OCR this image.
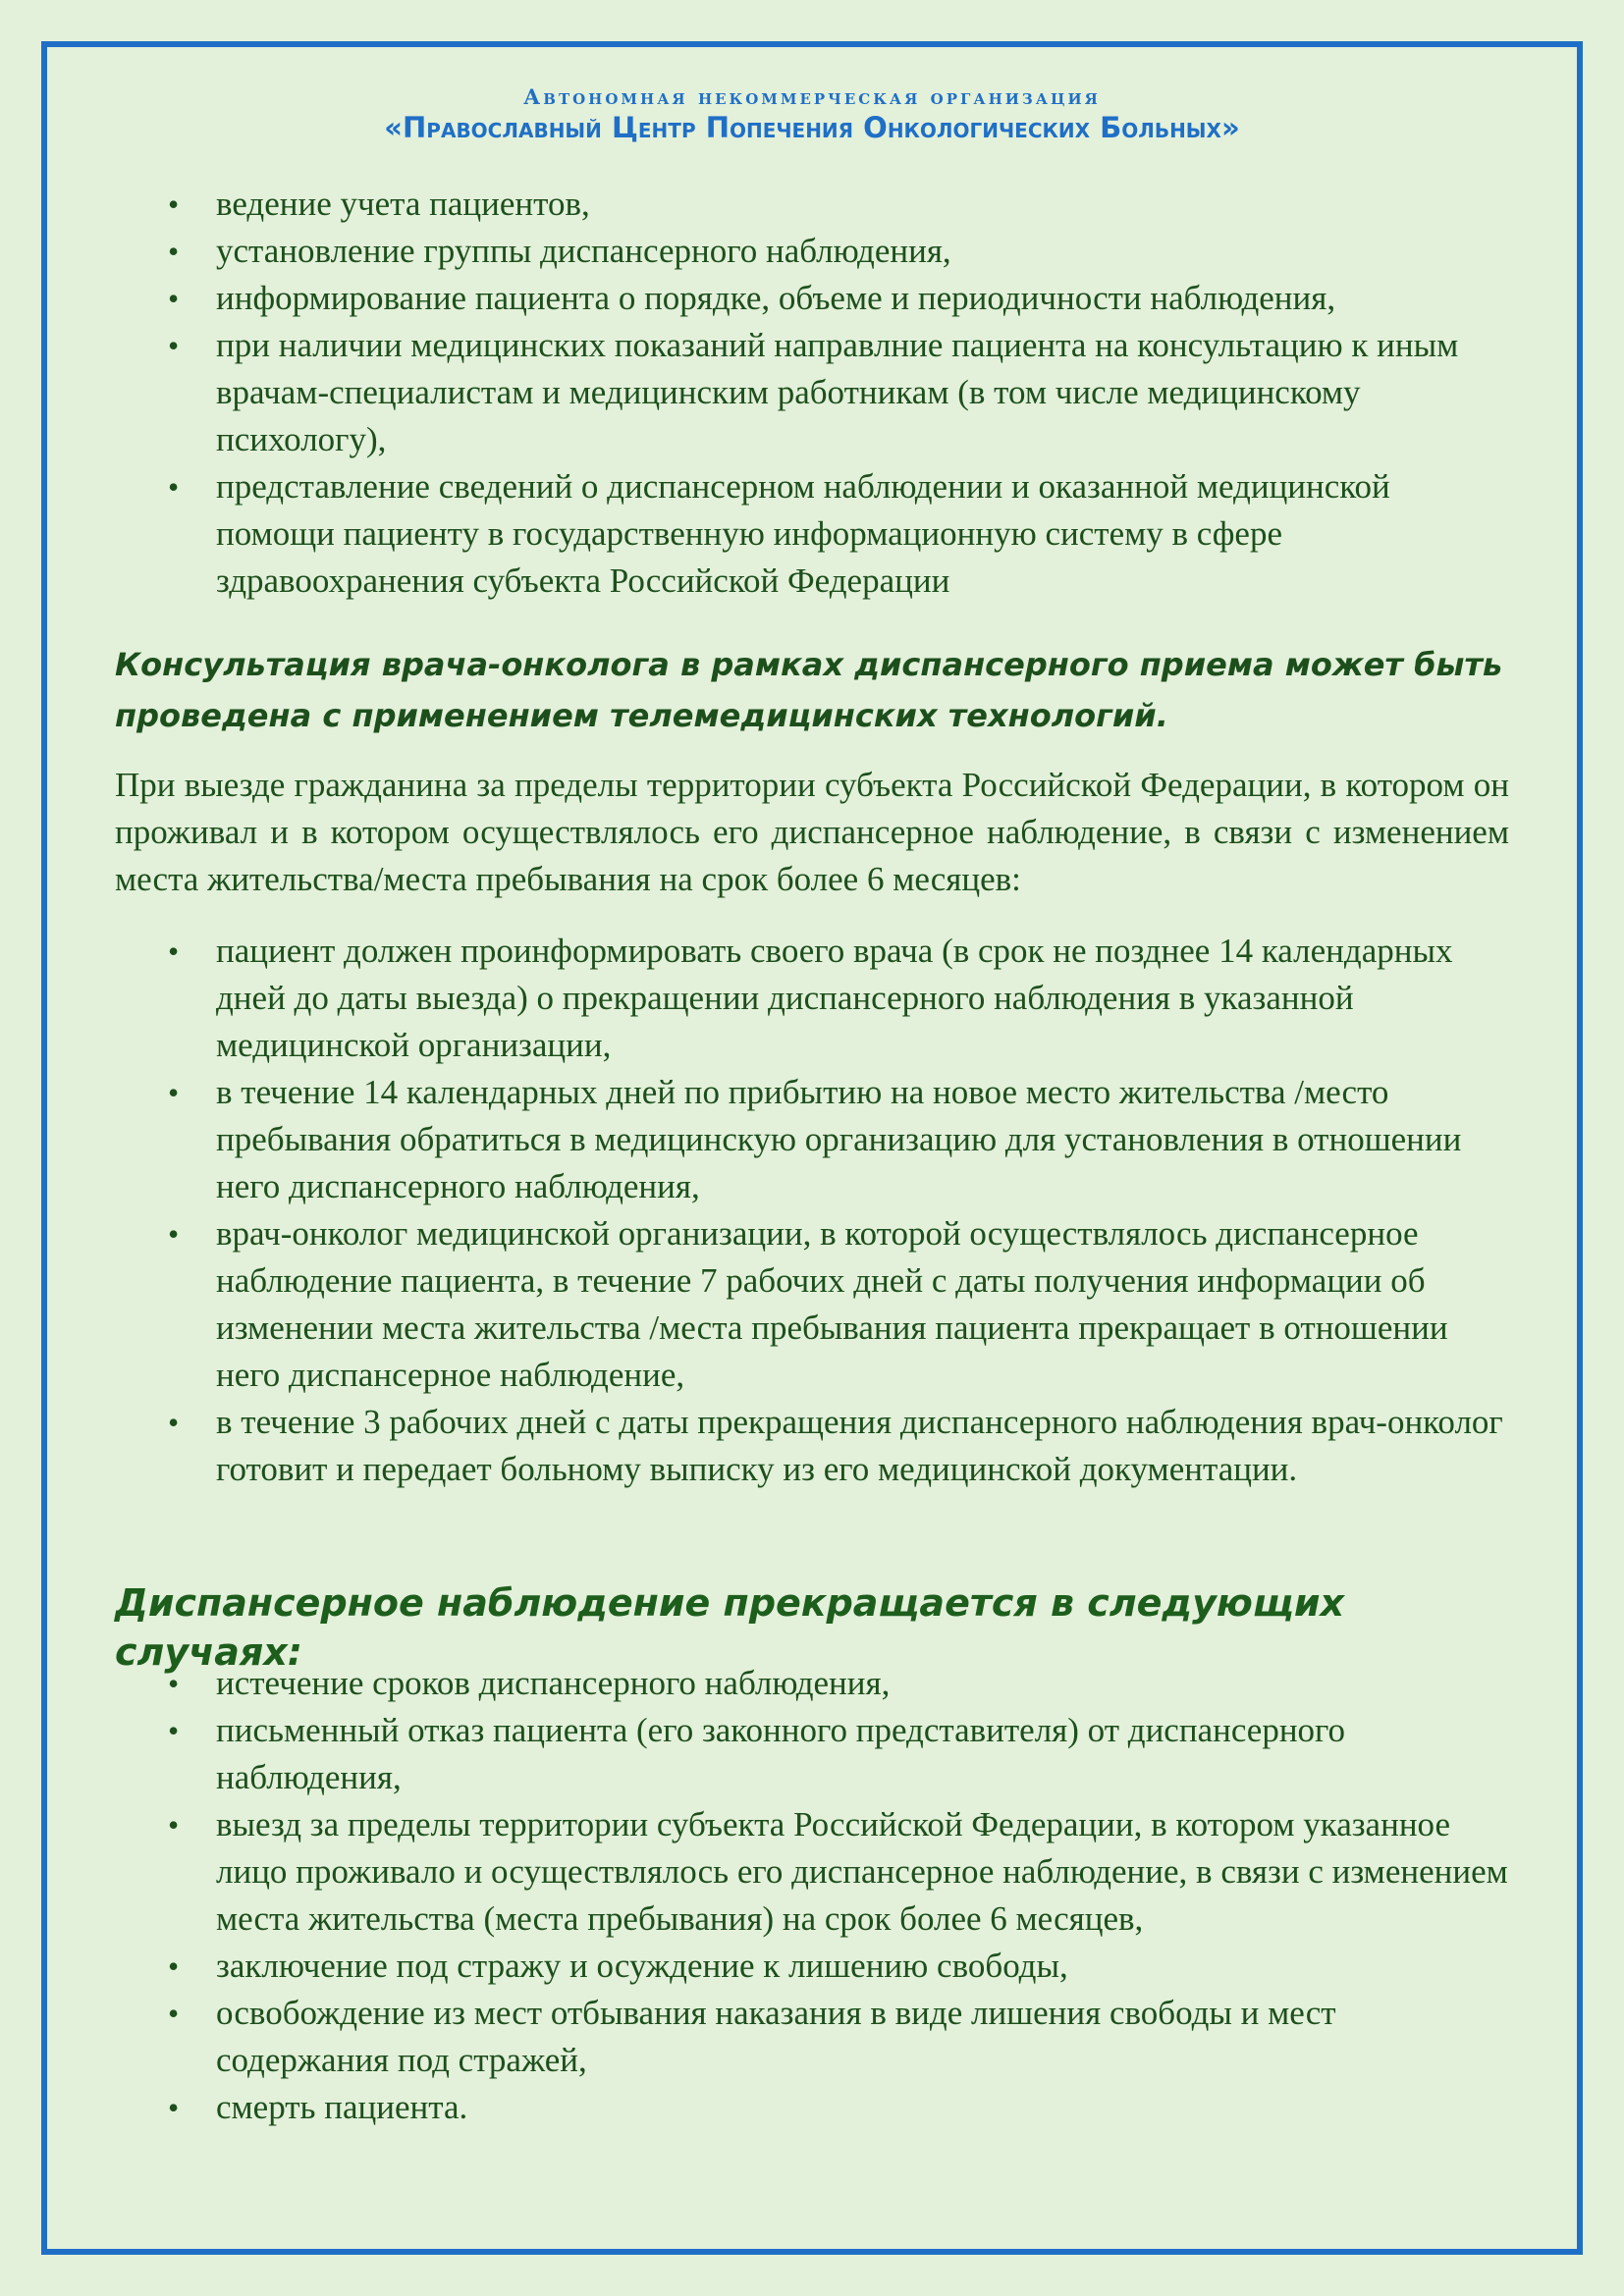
Автономная некоммерческая организация
«Православный Центр Попечения Онкологических Больных»
• ведение учета пациентов,
• установление группы диспансерного наблюдения,
• информирование пациента о порядке, объеме и периодичности наблюдения,
• при наличии медицинских показаний направлние пациента на консультацию к иным врачам-специалистам и медицинским работникам (в том числе медицинскому психологу),
• представление сведений о диспансерном наблюдении и оказанной медицинской помощи пациенту в государственную информационную систему в сфере здравоохранения субъекта Российской Федерации
Консультация врача-онколога в рамках диспансерного приема может быть проведена с применением телемедицинских технологий.
При выезде гражданина за пределы территории субъекта Российской Федерации, в котором он проживал и в котором осуществлялось его диспансерное наблюдение, в связи с изменением места жительства/места пребывания на срок более 6 месяцев:
• пациент должен проинформировать своего врача (в срок не позднее 14 календарных дней до даты выезда) о прекращении диспансерного наблюдения в указанной медицинской организации,
• в течение 14 календарных дней по прибытию на новое место жительства /место пребывания обратиться в медицинскую организацию для установления в отношении него диспансерного наблюдения,
• врач-онколог медицинской организации, в которой осуществлялось диспансерное наблюдение пациента, в течение 7 рабочих дней с даты получения информации об изменении места жительства /места пребывания пациента прекращает в отношении него диспансерное наблюдение,
• в течение 3 рабочих дней с даты прекращения диспансерного наблюдения врач-онколог готовит и передает больному выписку из его медицинской документации.
Диспансерное наблюдение прекращается в следующих случаях:
• истечение сроков диспансерного наблюдения,
• письменный отказ пациента (его законного представителя) от диспансерного наблюдения,
• выезд за пределы территории субъекта Российской Федерации, в котором указанное лицо проживало и осуществлялось его диспансерное наблюдение, в связи с изменением места жительства (места пребывания) на срок более 6 месяцев,
• заключение под стражу и осуждение к лишению свободы,
• освобождение из мест отбывания наказания в виде лишения свободы и мест содержания под стражей,
• смерть пациента.
